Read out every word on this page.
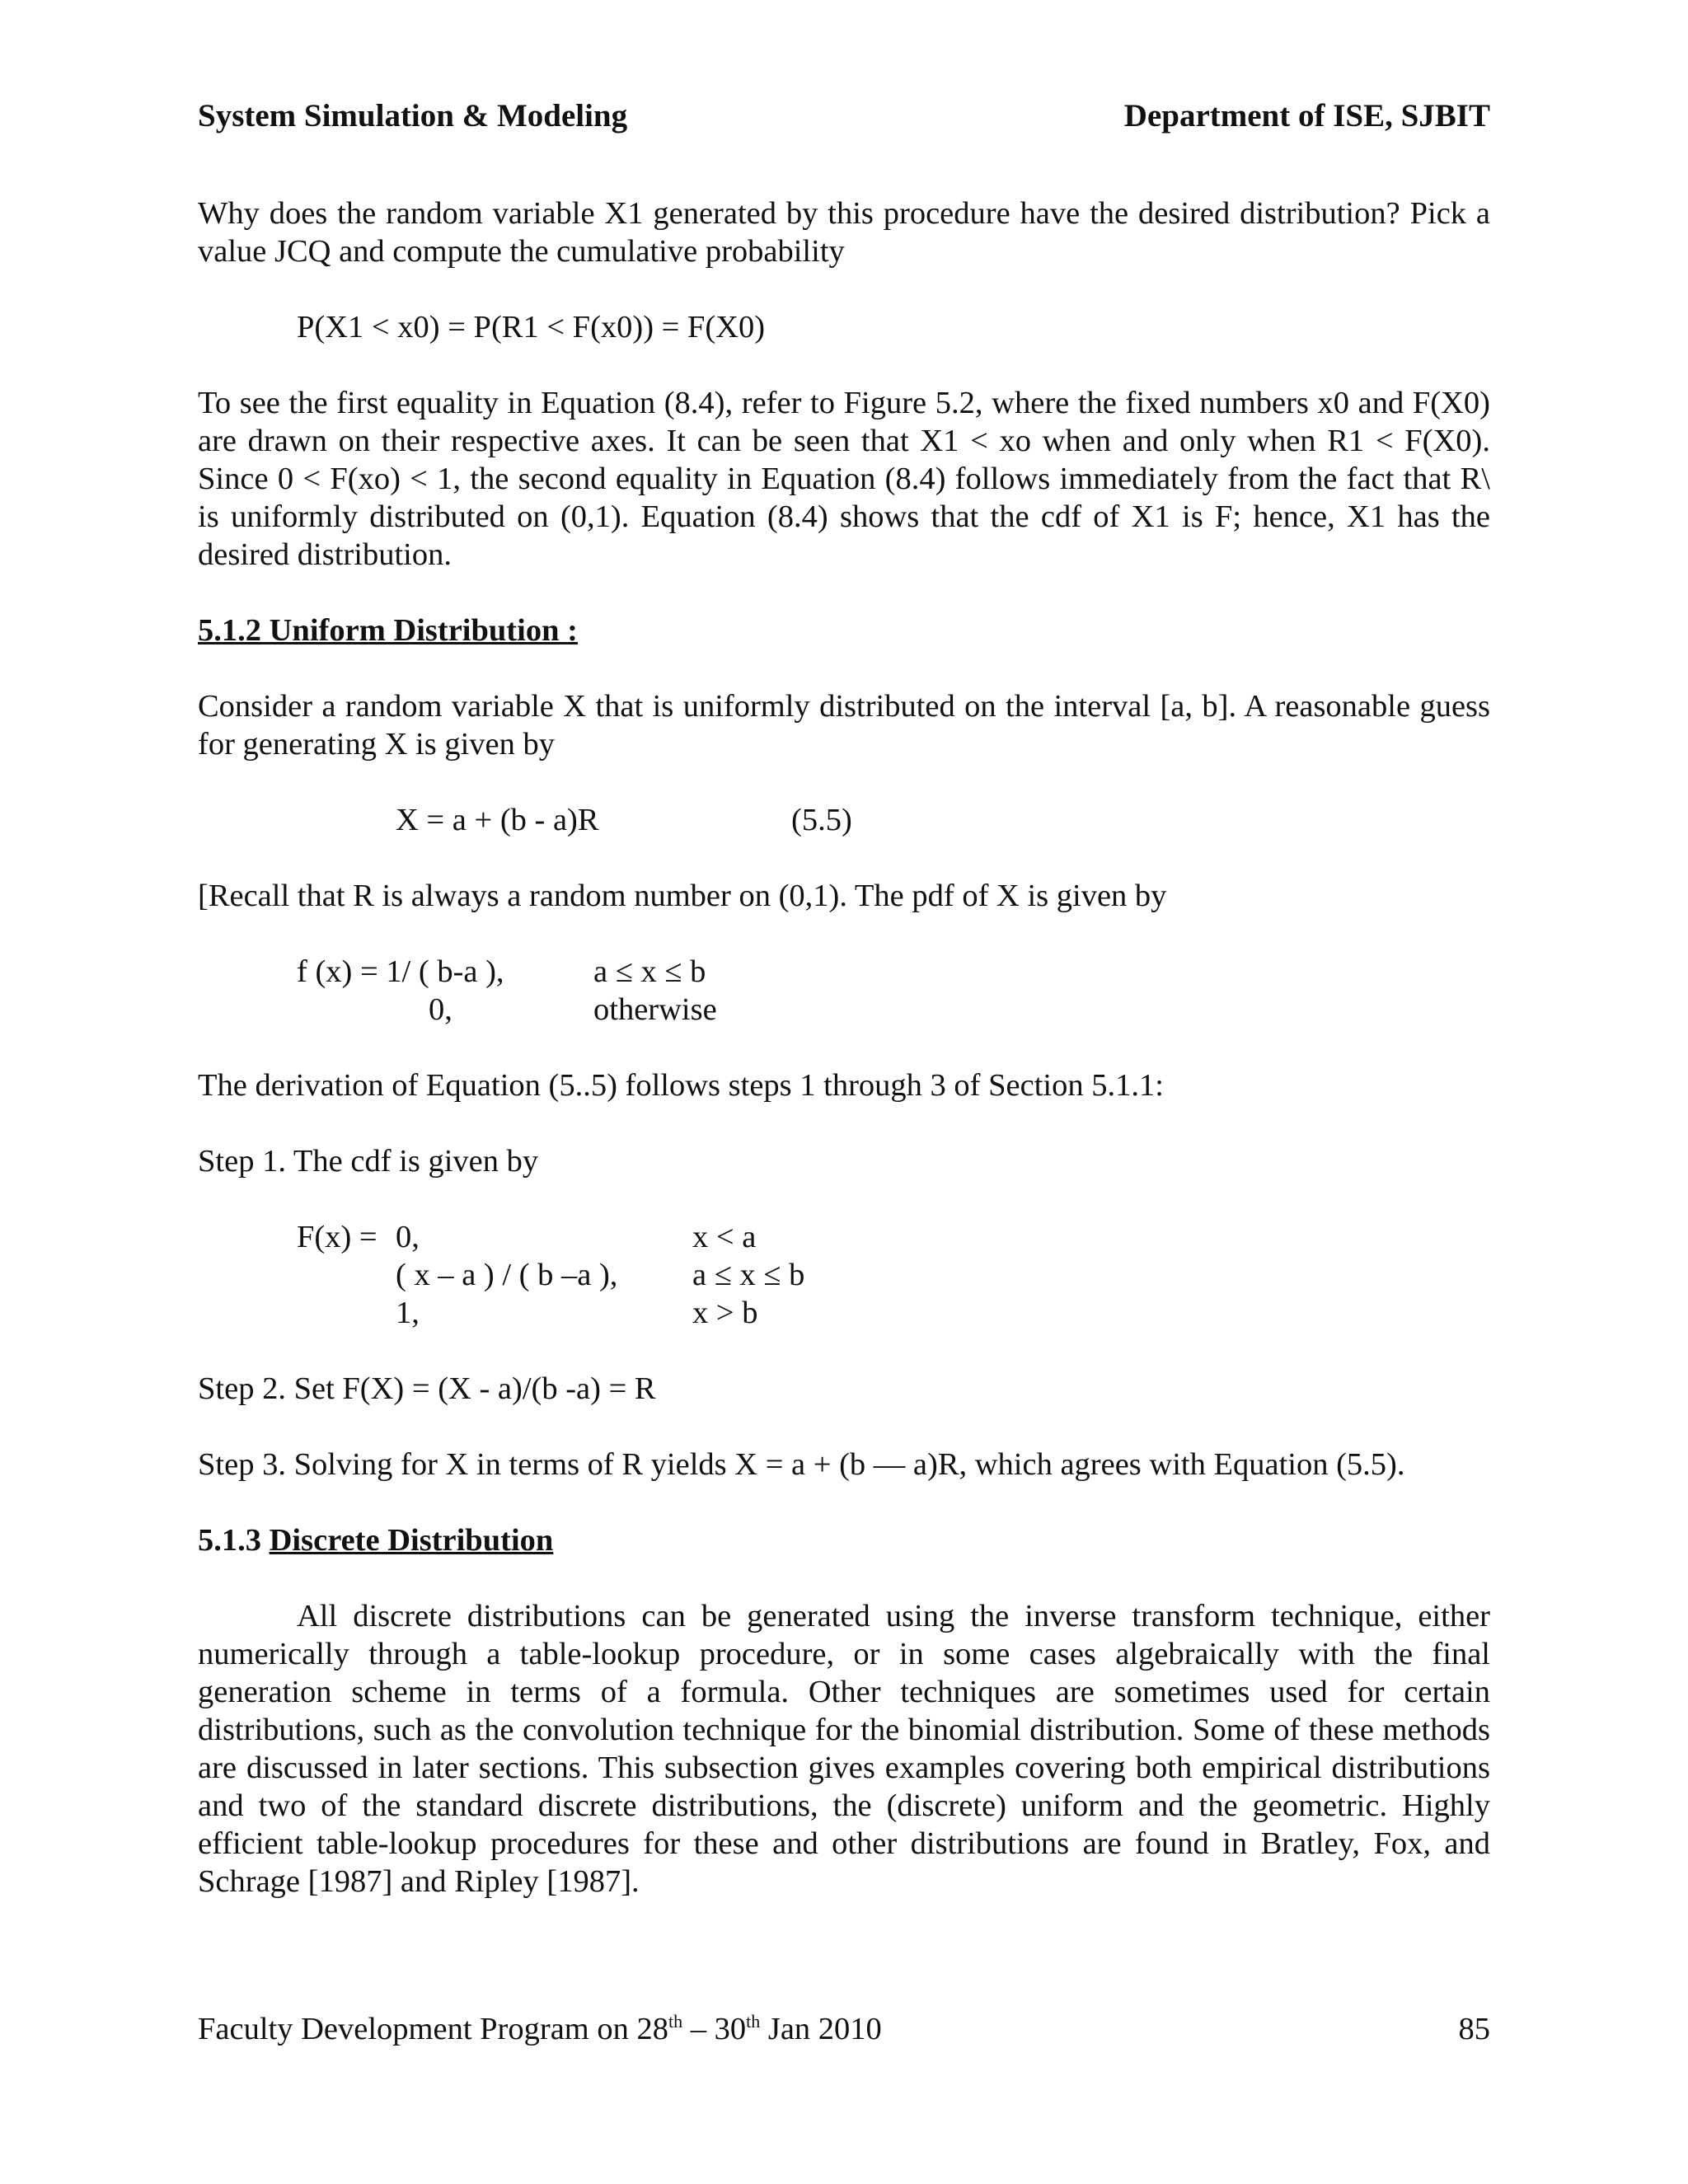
System Simulation & Modeling	Department of ISE, SJBIT

Why does the random variable X1 generated by this procedure have the desired distribution? Pick a value JCQ and compute the cumulative probability

P(X1 < x0) = P(R1 < F(x0)) = F(X0)

To see the first equality in Equation (8.4), refer to Figure 5.2, where the fixed numbers x0 and F(X0) are drawn on their respective axes. It can be seen that X1 < xo when and only when R1 < F(X0). Since 0 < F(xo) < 1, the second equality in Equation (8.4) follows immediately from the fact that R\ is uniformly distributed on (0,1). Equation (8.4) shows that the cdf of X1 is F; hence, X1 has the desired distribution.

5.1.2 Uniform Distribution :

Consider a random variable X that is uniformly distributed on the interval [a, b]. A reasonable guess for generating X is given by

X = a + (b - a)R	(5.5)

[Recall that R is always a random number on (0,1). The pdf of X is given by

f (x) = 1/ ( b-a ),	a ≤ x ≤ b
0,	otherwise

The derivation of Equation (5..5) follows steps 1 through 3 of Section 5.1.1:

Step 1. The cdf is given by

F(x) = 0,	x < a
( x – a ) / ( b –a ),	a ≤ x ≤ b
1,	x > b

Step 2. Set F(X) = (X - a)/(b -a) = R

Step 3. Solving for X in terms of R yields X = a + (b — a)R, which agrees with Equation (5.5).

5.1.3 Discrete Distribution

All discrete distributions can be generated using the inverse transform technique, either numerically through a table-lookup procedure, or in some cases algebraically with the final generation scheme in terms of a formula. Other techniques are sometimes used for certain distributions, such as the convolution technique for the binomial distribution. Some of these methods are discussed in later sections. This subsection gives examples covering both empirical distributions and two of the standard discrete distributions, the (discrete) uniform and the geometric. Highly efficient table-lookup procedures for these and other distributions are found in Bratley, Fox, and Schrage [1987] and Ripley [1987].

Faculty Development Program on 28th – 30th Jan 2010	85
